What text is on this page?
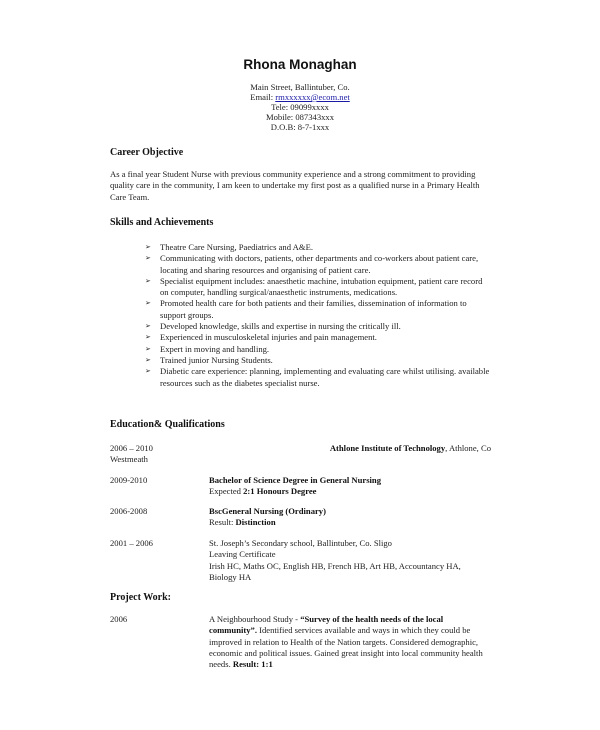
Rhona Monaghan
Main Street, Ballintuber, Co.
Email: rmxxxxxx@ecom.net
Tele: 09099xxxx
Mobile: 087343xxx
D.O.B: 8-7-1xxx
Career Objective
As a final year Student Nurse with previous community experience and a strong commitment to providing quality care in the community, I am keen to undertake my first post as a qualified nurse in a Primary Health Care Team.
Skills and Achievements
➢ Theatre Care Nursing, Paediatrics and A&E.
➢ Communicating with doctors, patients, other departments and co-workers about patient care, locating and sharing resources and organising of patient care.
➢ Specialist equipment includes: anaesthetic machine, intubation equipment, patient care record on computer, handling surgical/anaesthetic instruments, medications.
➢ Promoted health care for both patients and their families, dissemination of information to support groups.
➢ Developed knowledge, skills and expertise in nursing the critically ill.
➢ Experienced in musculoskeletal injuries and pain management.
➢ Expert in moving and handling.
➢ Trained junior Nursing Students.
➢ Diabetic care experience: planning, implementing and evaluating care whilst utilising. available resources such as the diabetes specialist nurse.
Education& Qualifications
2006 – 2010	Athlone Institute of Technology, Athlone, Co
Westmeath
2009-2010	Bachelor of Science Degree in General Nursing
Expected 2:1 Honours Degree
2006-2008	BscGeneral Nursing (Ordinary)
Result: Distinction
2001 – 2006	St. Joseph’s Secondary school, Ballintuber, Co. Sligo
Leaving Certificate
Irish HC, Maths OC, English HB, French HB, Art HB, Accountancy HA, Biology HA
Project Work:
2006	A Neighbourhood Study - “Survey of the health needs of the local community”. Identified services available and ways in which they could be improved in relation to Health of the Nation targets. Considered demographic, economic and political issues. Gained great insight into local community health needs. Result: 1:1
